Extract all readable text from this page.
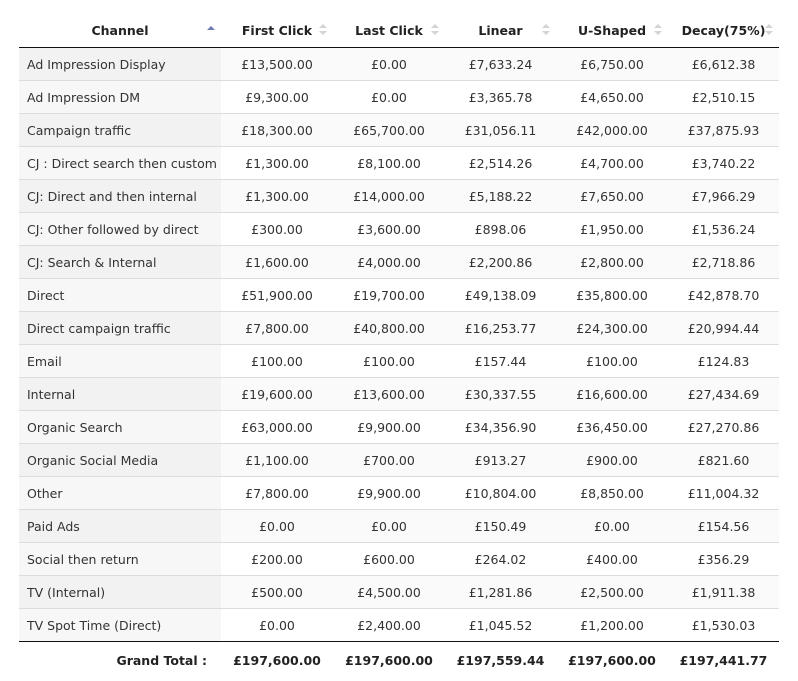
Channel	First Click	Last Click	Linear	U-Shaped	Decay(75%)

Ad Impression Display	£13,500.00	£0.00	£7,633.24	£6,750.00	£6,612.38
Ad Impression DM	£9,300.00	£0.00	£3,365.78	£4,650.00	£2,510.15
Campaign traffic	£18,300.00	£65,700.00	£31,056.11	£42,000.00	£37,875.93
CJ : Direct search then custom	£1,300.00	£8,100.00	£2,514.26	£4,700.00	£3,740.22
CJ: Direct and then internal	£1,300.00	£14,000.00	£5,188.22	£7,650.00	£7,966.29
CJ: Other followed by direct	£300.00	£3,600.00	£898.06	£1,950.00	£1,536.24
CJ: Search & Internal	£1,600.00	£4,000.00	£2,200.86	£2,800.00	£2,718.86
Direct	£51,900.00	£19,700.00	£49,138.09	£35,800.00	£42,878.70
Direct campaign traffic	£7,800.00	£40,800.00	£16,253.77	£24,300.00	£20,994.44
Email	£100.00	£100.00	£157.44	£100.00	£124.83
Internal	£19,600.00	£13,600.00	£30,337.55	£16,600.00	£27,434.69
Organic Search	£63,000.00	£9,900.00	£34,356.90	£36,450.00	£27,270.86
Organic Social Media	£1,100.00	£700.00	£913.27	£900.00	£821.60
Other	£7,800.00	£9,900.00	£10,804.00	£8,850.00	£11,004.32
Paid Ads	£0.00	£0.00	£150.49	£0.00	£154.56
Social then return	£200.00	£600.00	£264.02	£400.00	£356.29
TV (Internal)	£500.00	£4,500.00	£1,281.86	£2,500.00	£1,911.38
TV Spot Time (Direct)	£0.00	£2,400.00	£1,045.52	£1,200.00	£1,530.03
Grand Total :	£197,600.00	£197,600.00	£197,559.44	£197,600.00	£197,441.77
